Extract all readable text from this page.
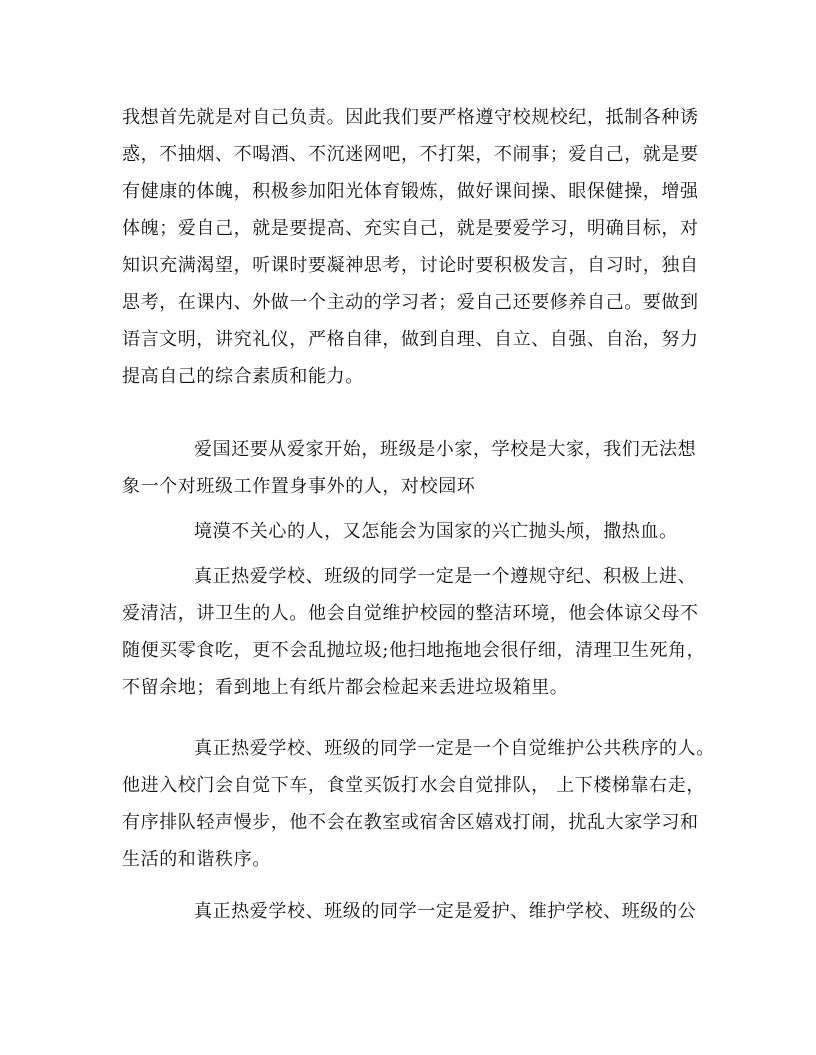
我想首先就是对自己负责。因此我们要严格遵守校规校纪，抵制各种诱

惑，不抽烟、不喝酒、不沉迷网吧，不打架，不闹事；爱自己，就是要

有健康的体魄，积极参加阳光体育锻炼，做好课间操、眼保健操，增强

体魄；爱自己，就是要提高、充实自己，就是要爱学习，明确目标，对

知识充满渴望，听课时要凝神思考，讨论时要积极发言，自习时，独自

思考，在课内、外做一个主动的学习者；爱自己还要修养自己。要做到

语言文明，讲究礼仪，严格自律，做到自理、自立、自强、自治，努力

提高自己的综合素质和能力。

爱国还要从爱家开始，班级是小家，学校是大家，我们无法想

象一个对班级工作置身事外的人，对校园环

境漠不关心的人，又怎能会为国家的兴亡抛头颅，撒热血。

真正热爱学校、班级的同学一定是一个遵规守纪、积极上进、

爱清洁，讲卫生的人。他会自觉维护校园的整洁环境，他会体谅父母不

随便买零食吃，更不会乱抛垃圾;他扫地拖地会很仔细，清理卫生死角，

不留余地；看到地上有纸片都会检起来丢进垃圾箱里。

真正热爱学校、班级的同学一定是一个自觉维护公共秩序的人。

他进入校门会自觉下车，食堂买饭打水会自觉排队， 上下楼梯靠右走，

有序排队轻声慢步，他不会在教室或宿舍区嬉戏打闹，扰乱大家学习和

生活的和谐秩序。

真正热爱学校、班级的同学一定是爱护、维护学校、班级的公
